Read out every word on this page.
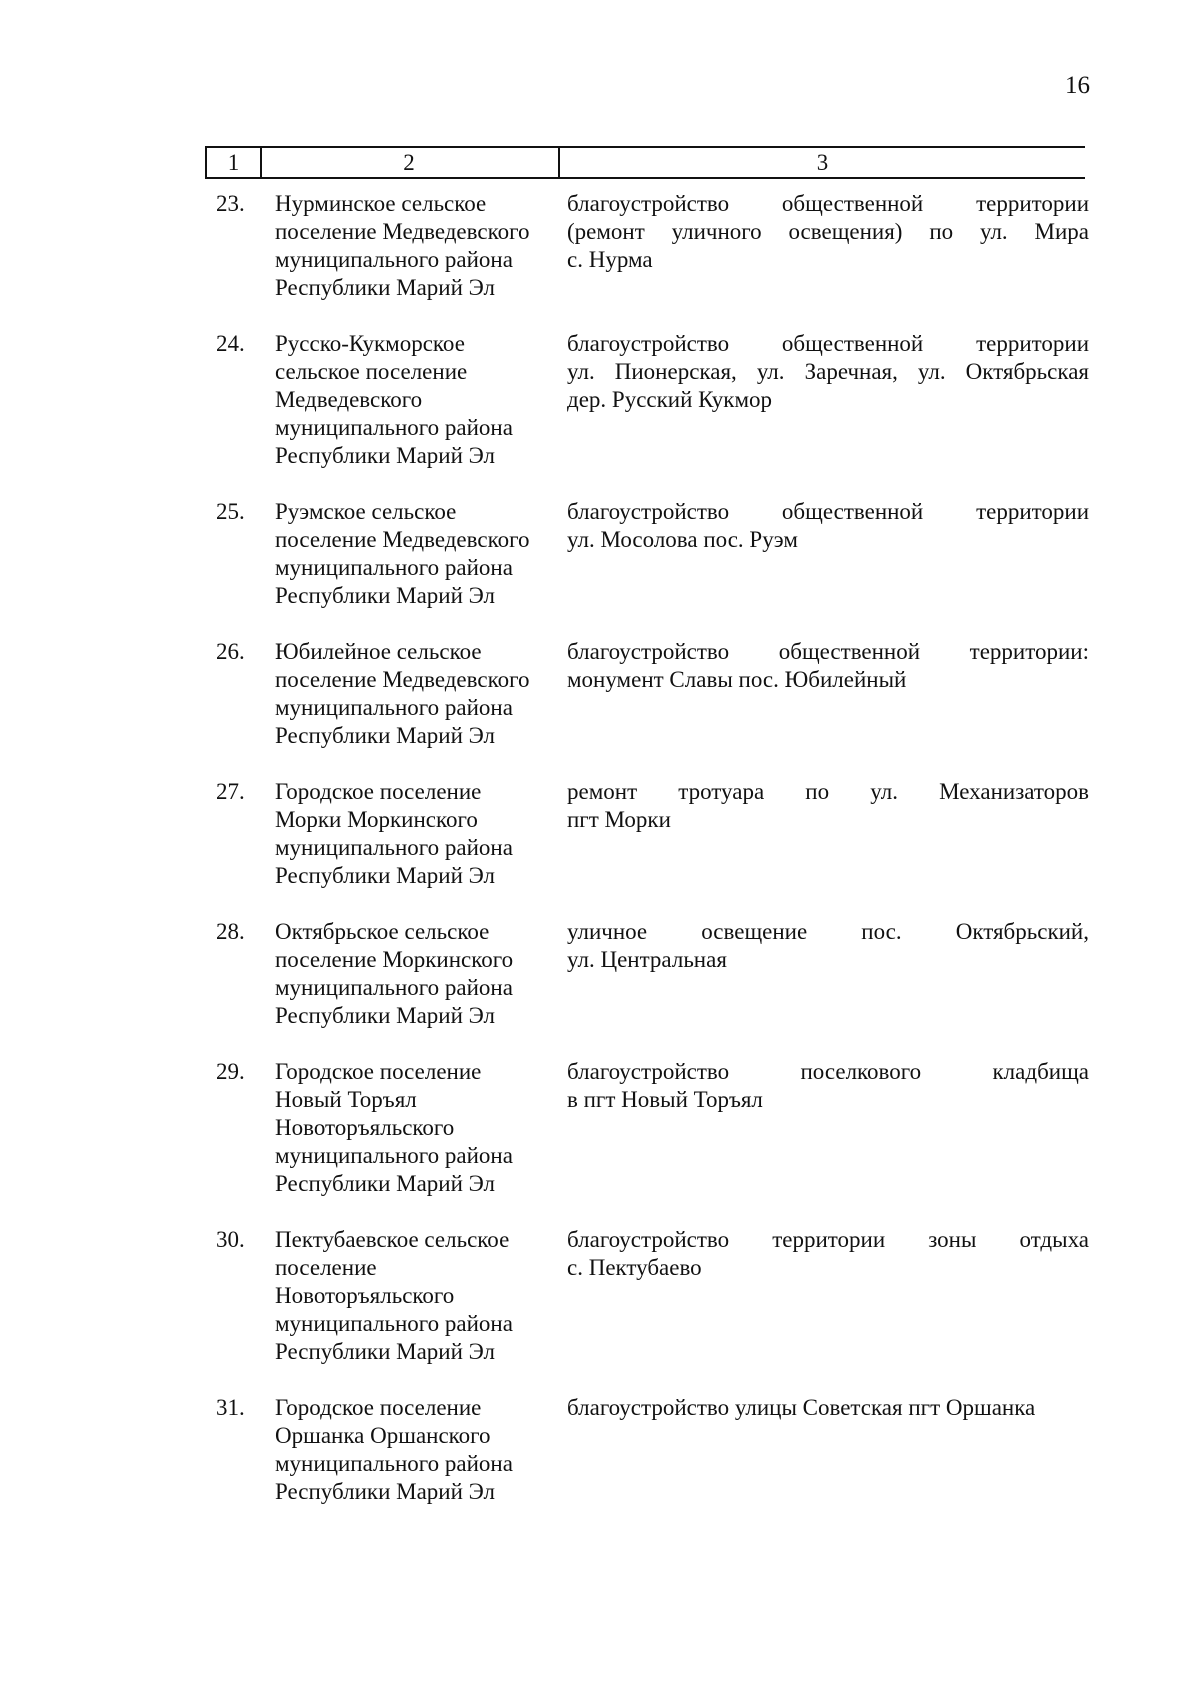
16
1	2	3
23. Нурминское сельское
поселение Медведевского
муниципального района
Республики Марий Эл
благоустройство общественной территории
(ремонт уличного освещения) по ул. Мира
с. Нурма
24. Русско-Кукморское
сельское поселение
Медведевского
муниципального района
Республики Марий Эл
благоустройство общественной территории
ул. Пионерская, ул. Заречная, ул. Октябрьская
дер. Русский Кукмор
25. Руэмское сельское
поселение Медведевского
муниципального района
Республики Марий Эл
благоустройство общественной территории
ул. Мосолова пос. Руэм
26. Юбилейное сельское
поселение Медведевского
муниципального района
Республики Марий Эл
благоустройство общественной территории:
монумент Славы пос. Юбилейный
27. Городское поселение
Морки Моркинского
муниципального района
Республики Марий Эл
ремонт тротуара по ул. Механизаторов
пгт Морки
28. Октябрьское сельское
поселение Моркинского
муниципального района
Республики Марий Эл
уличное освещение пос. Октябрьский,
ул. Центральная
29. Городское поселение
Новый Торъял
Новоторъяльского
муниципального района
Республики Марий Эл
благоустройство поселкового кладбища
в пгт Новый Торъял
30. Пектубаевское сельское
поселение
Новоторъяльского
муниципального района
Республики Марий Эл
благоустройство территории зоны отдыха
с. Пектубаево
31. Городское поселение
Оршанка Оршанского
муниципального района
Республики Марий Эл
благоустройство улицы Советская пгт Оршанка
